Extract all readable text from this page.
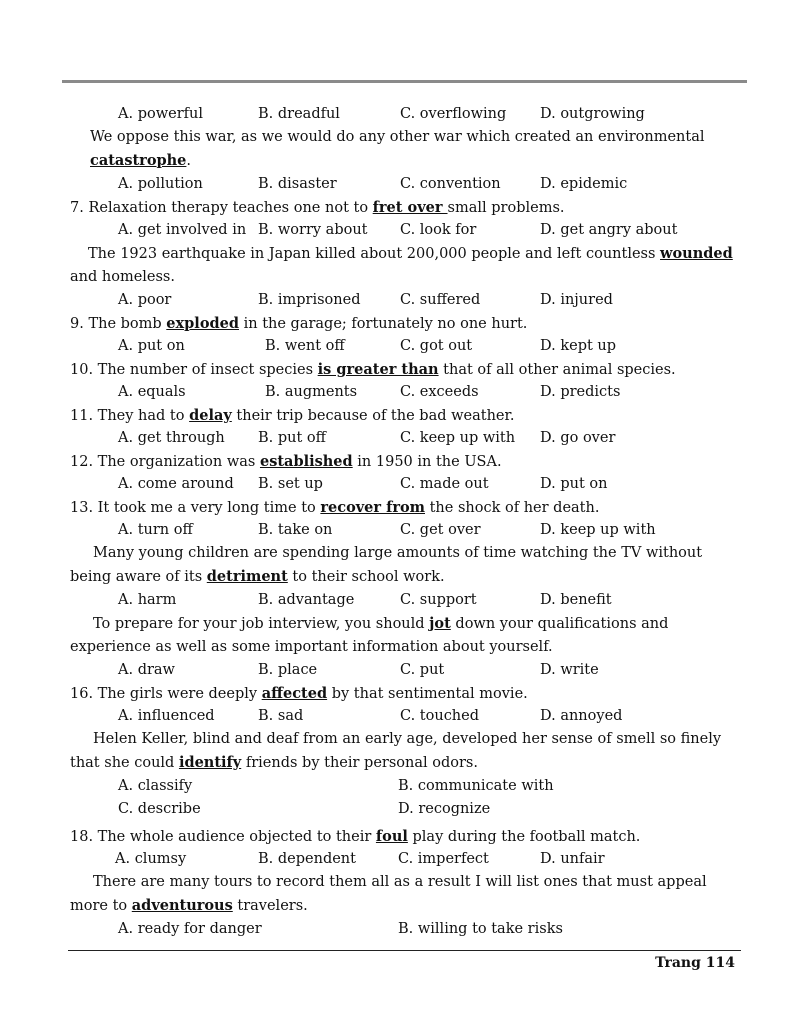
A. powerful	B. dreadful	C. overflowing D. outgrowing
We oppose this war, as we would do any other war which created an environmental catastrophe.
A. pollution	B. disaster	C. convention	D. epidemic
7. Relaxation therapy teaches one not to fret over small problems.
A. get involved in B. worry about C. look for	D. get angry about
The 1923 earthquake in Japan killed about 200,000 people and left countless wounded and homeless.
A. poor	B. imprisoned	C. suffered	D. injured
9. The bomb exploded in the garage; fortunately no one hurt.
A. put on	B. went off	C. got out	D. kept up
10. The number of insect species is greater than that of all other animal species.
A. equals	B. augments	C. exceeds	D. predicts
11. They had to delay their trip because of the bad weather.
A. get through B. put off	C. keep up with D. go over
12. The organization was established in 1950 in the USA.
A. come around B. set up	C. made out	D. put on
13. It took me a very long time to recover from the shock of her death.
A. turn off	B. take on	C. get over	D. keep up with
Many young children are spending large amounts of time watching the TV without being aware of its detriment to their school work.
A. harm	B. advantage	C. support	D. benefit
To prepare for your job interview, you should jot down your qualifications and experience as well as some important information about yourself.
A. draw	B. place	C. put	D. write
16. The girls were deeply affected by that sentimental movie.
A. influenced	B. sad	C. touched	D. annoyed
Helen Keller, blind and deaf from an early age, developed her sense of smell so finely that she could identify friends by their personal odors.
A. classify	B. communicate with
C. describe	D. recognize
18. The whole audience objected to their foul play during the football match.
A. clumsy	B. dependent	C. imperfect	D. unfair
There are many tours to record them all as a result I will list ones that must appeal more to adventurous travelers.
A. ready for danger	B. willing to take risks
Trang 114
